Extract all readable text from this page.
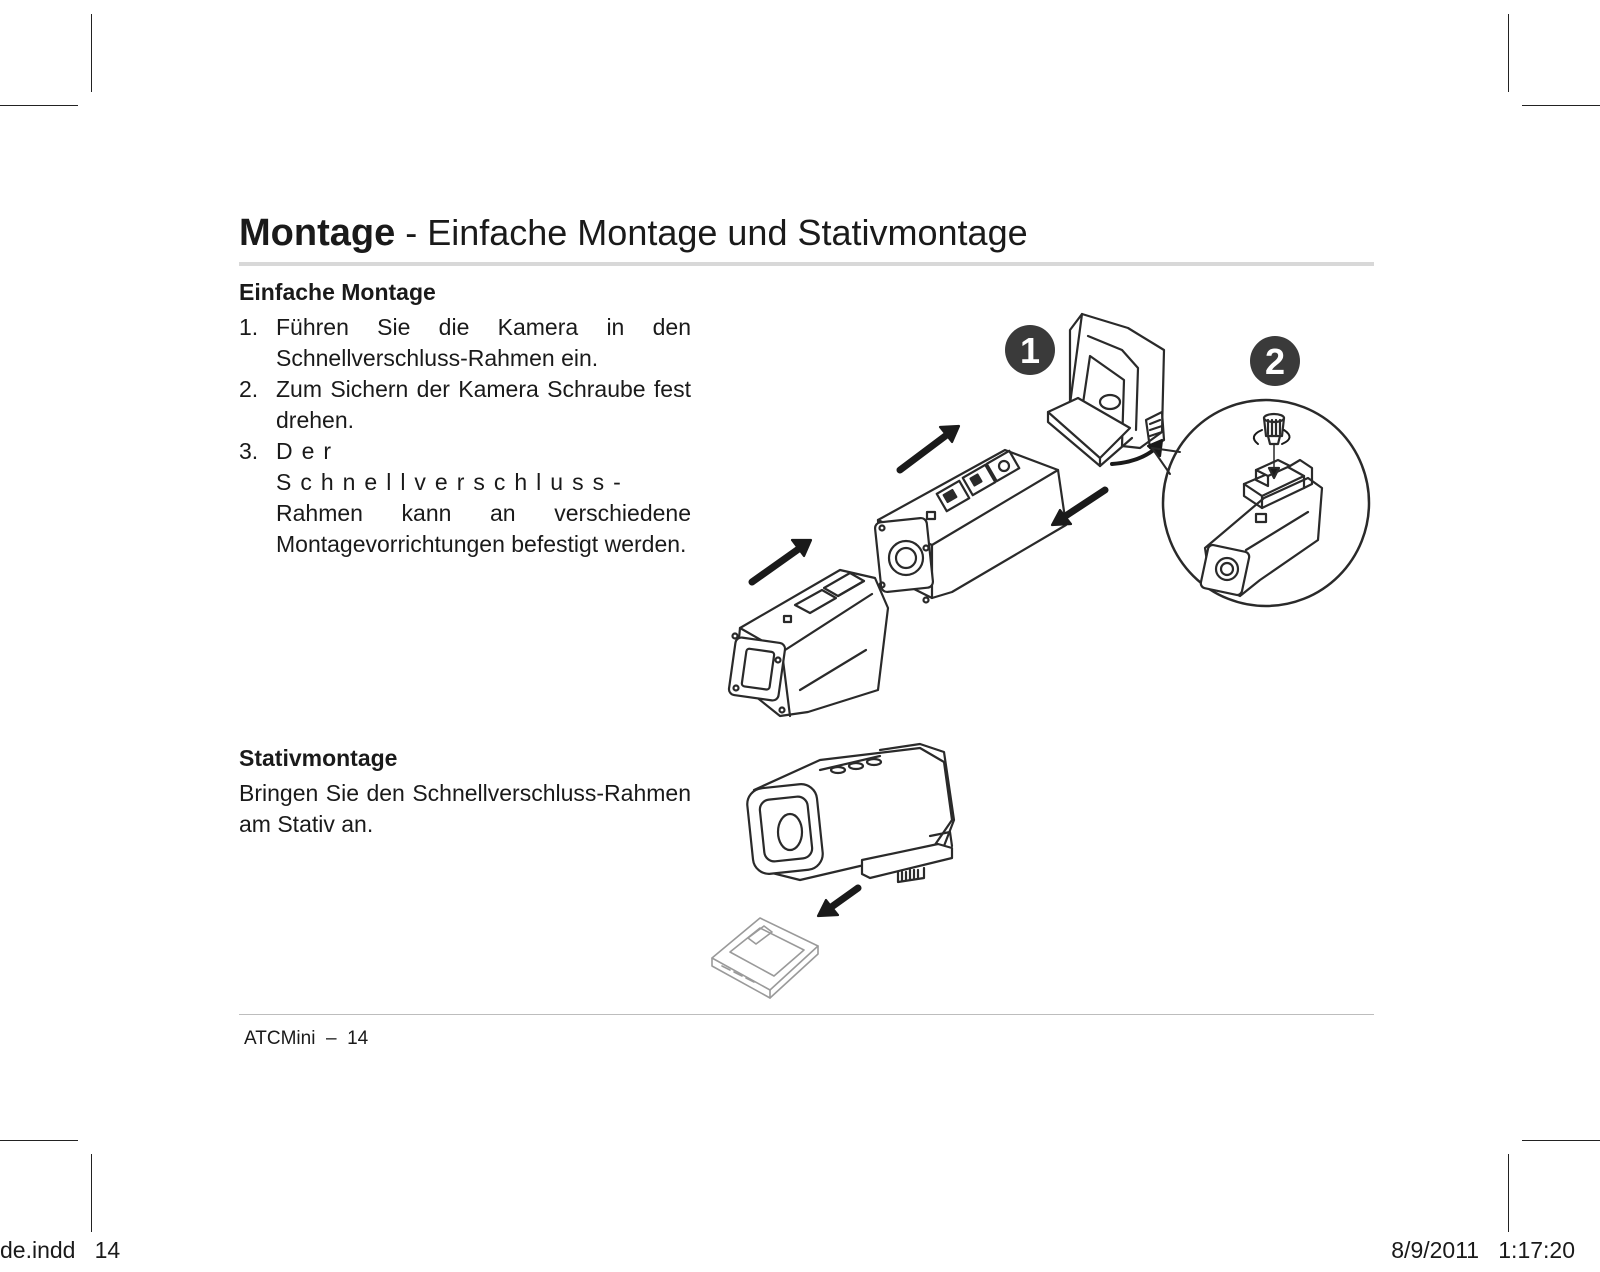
Montage - Einfache Montage und Stativmontage
Einfache Montage
1. Führen Sie die Kamera in den Schnellverschluss-Rahmen ein.
2. Zum Sichern der Kamera Schraube fest drehen.
3. Der Schnellverschluss- Rahmen kann an verschiedene Montagevorrichtungen befestigt werden.
Stativmontage
Bringen Sie den Schnellverschluss-Rahmen am Stativ an.
1	2
ATCMini  –  14
de.indd   14	8/9/2011   1:17:20
